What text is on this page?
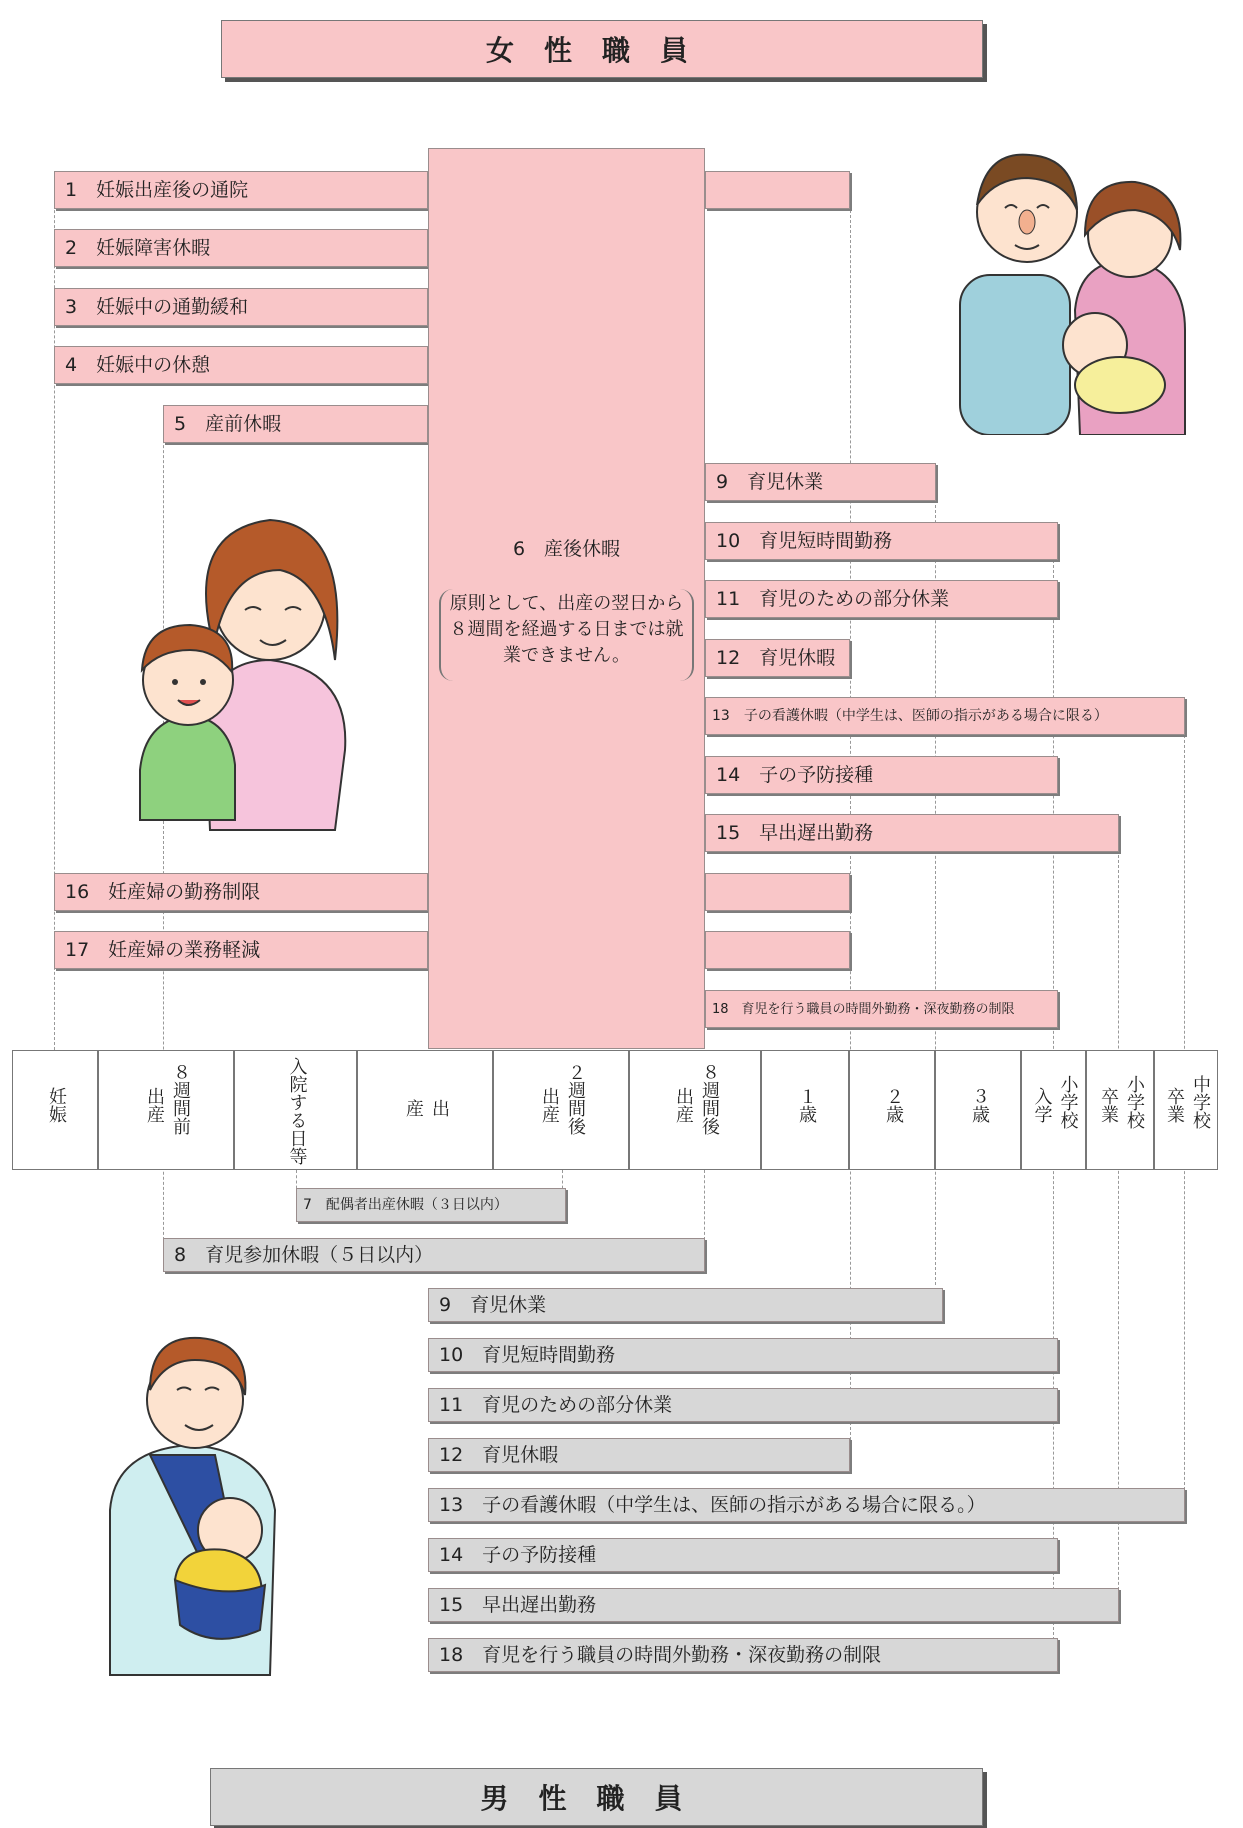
女性職員
1　妊娠出産後の通院
2　妊娠障害休暇
3　妊娠中の通勤緩和
4　妊娠中の休憩
5　産前休暇
16　妊産婦の勤務制限
17　妊産婦の業務軽減
6　産後休暇
原則として、出産の翌日から８週間を経過する日までは就業できません。
9　育児休業
10　育児短時間勤務
11　育児のための部分休業
12　育児休暇
13　子の看護休暇（中学生は、医師の指示がある場合に限る）
14　子の予防接種
15　早出遅出勤務
18　育児を行う職員の時間外勤務・深夜勤務の制限
妊娠	８週間前
出産	入院する日等	出
産	２週間後
出産	８週間後
出産	１歳	２歳	３歳	小学校
入学	小学校
卒業	中学校
卒業
7　配偶者出産休暇（３日以内）
8　育児参加休暇（５日以内）
9　育児休業
10　育児短時間勤務
11　育児のための部分休業
12　育児休暇
13　子の看護休暇（中学生は、医師の指示がある場合に限る。）
14　子の予防接種
15　早出遅出勤務
18　育児を行う職員の時間外勤務・深夜勤務の制限
男性職員
